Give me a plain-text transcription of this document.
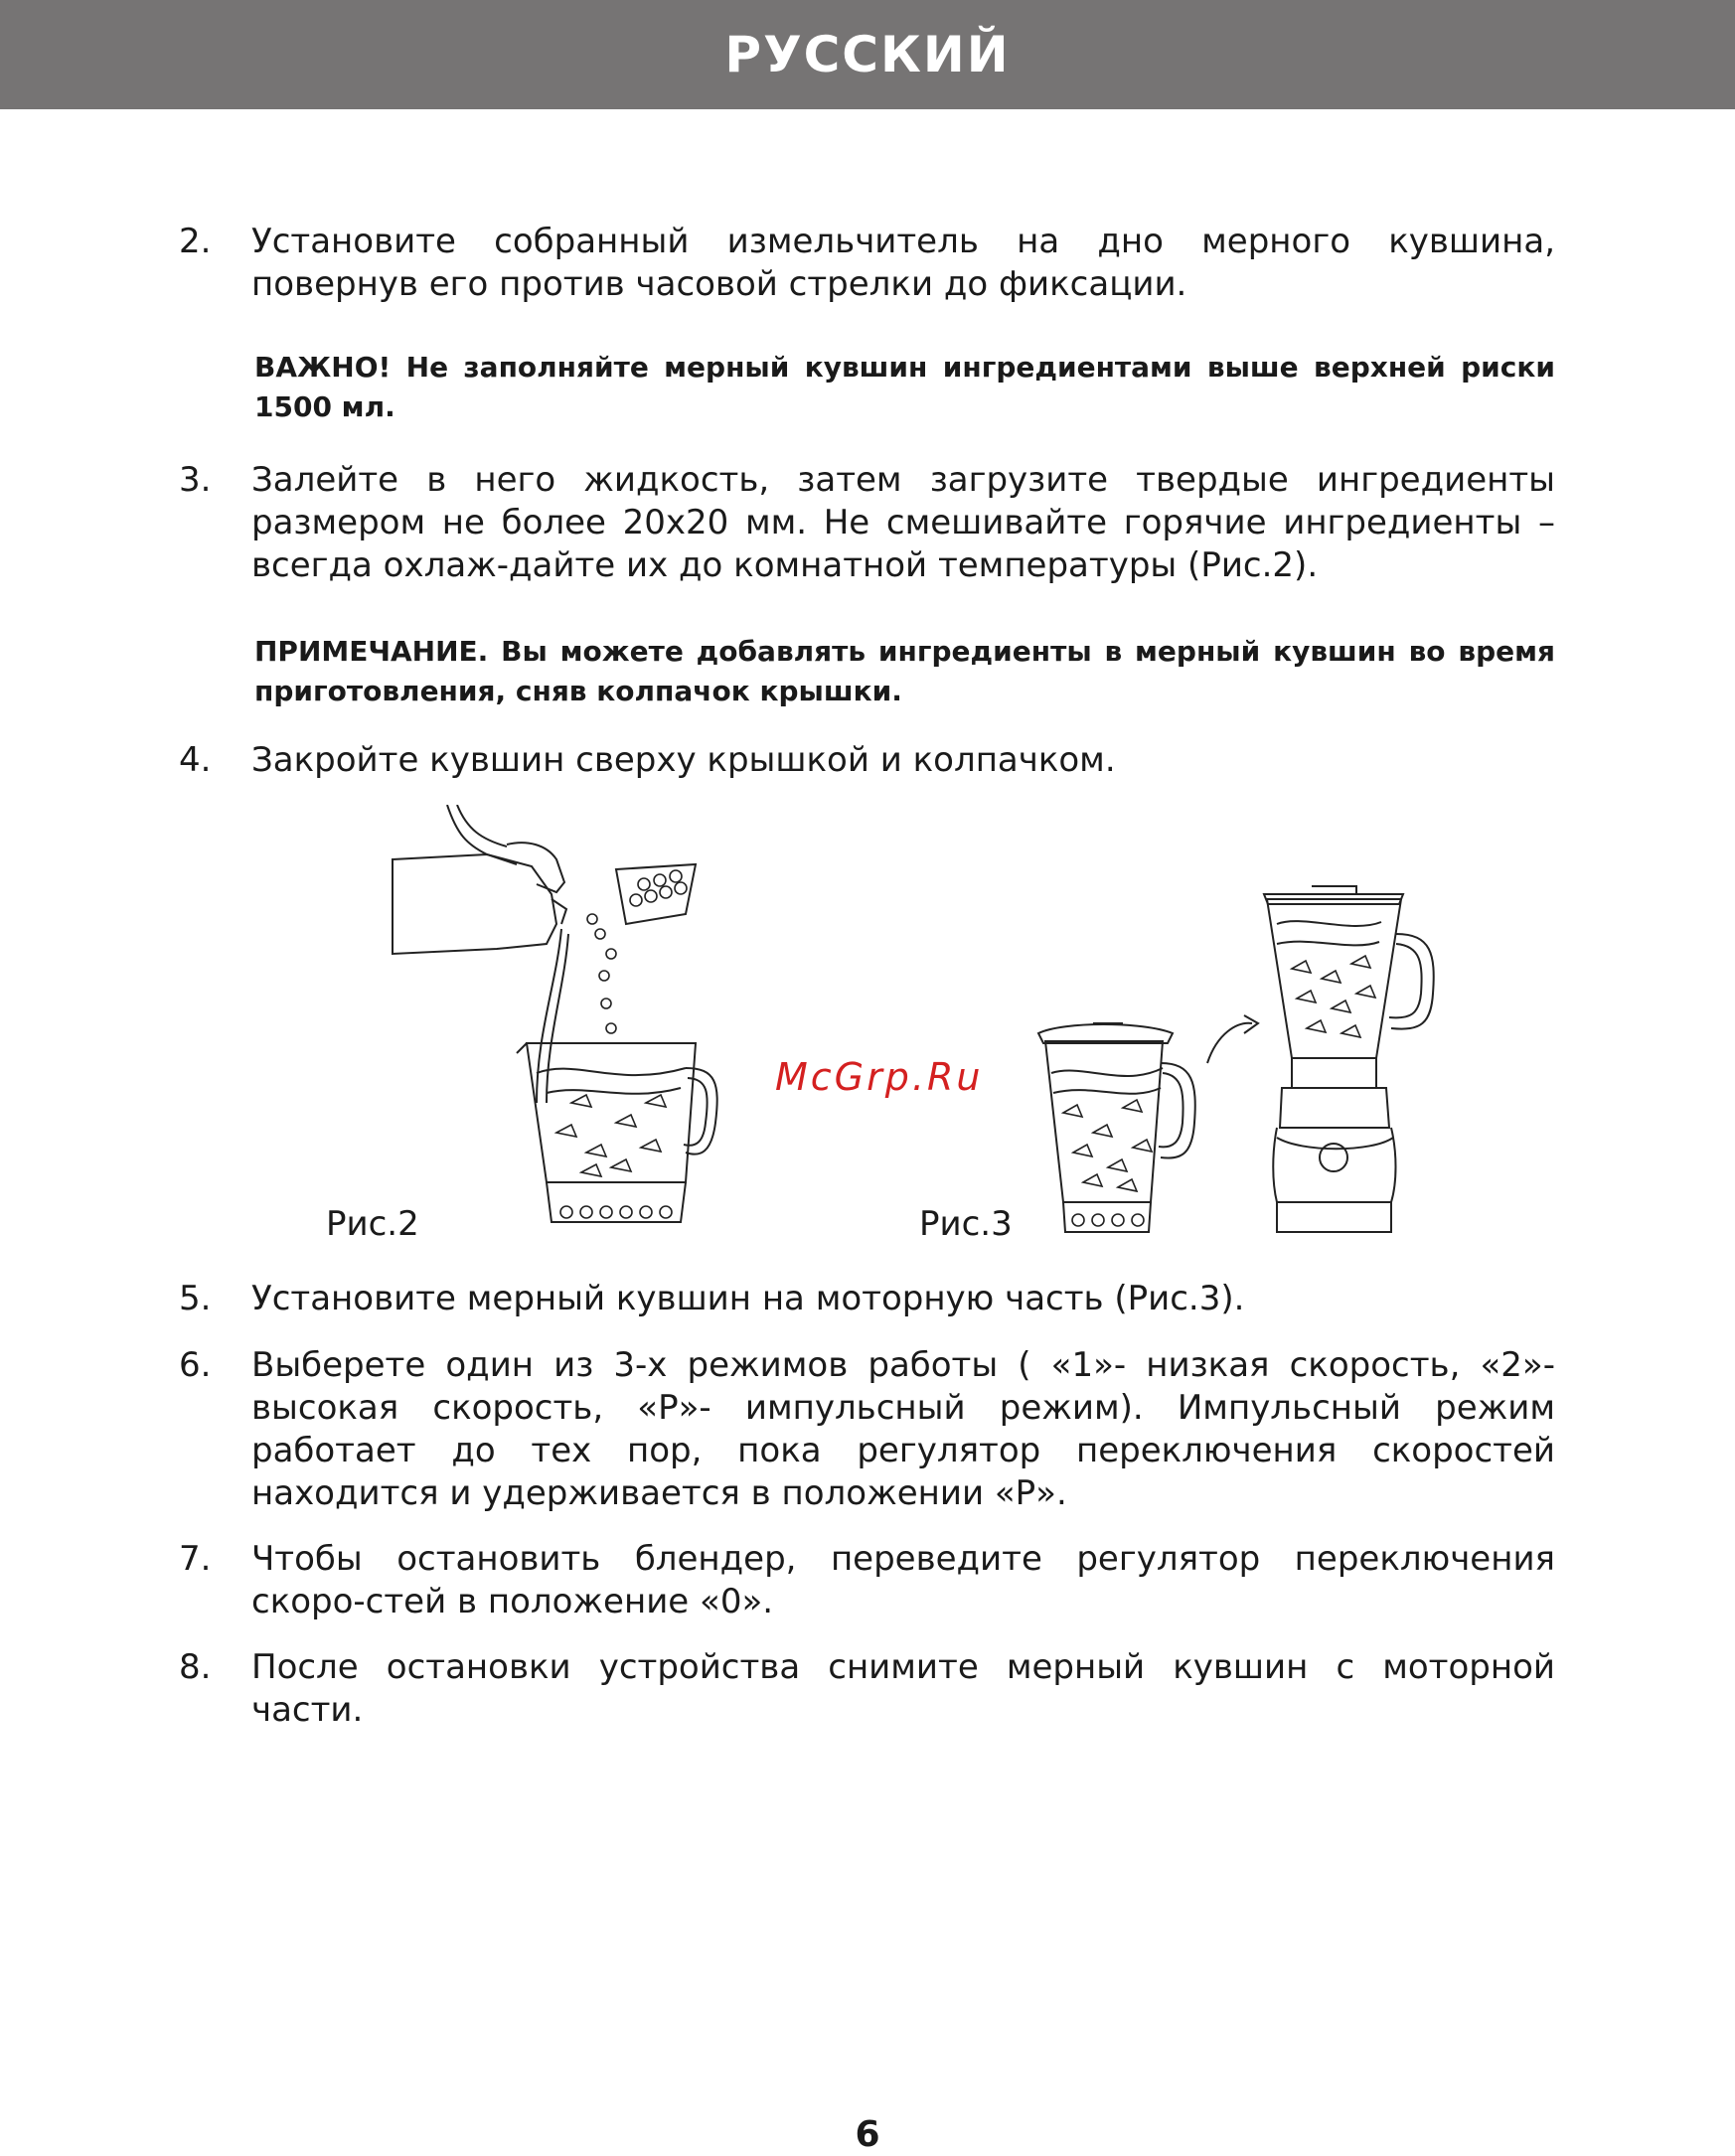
РУССКИЙ
2. Установите собранный измельчитель на дно мерного кувшина, повернув его против часовой стрелки до фиксации.
ВАЖНО! Не заполняйте мерный кувшин ингредиентами выше верхней риски 1500 мл.
3. Залейте в него жидкость, затем загрузите твердые ингредиенты размером не более 20х20 мм. Не смешивайте горячие ингредиенты – всегда охлаж-дайте их до комнатной температуры (Рис.2).
ПРИМЕЧАНИЕ. Вы можете добавлять ингредиенты в мерный кувшин во время приготовления, сняв колпачок крышки.
4. Закройте кувшин сверху крышкой и колпачком.
Рис.2
McGrp.Ru
Рис.3
5. Установите мерный кувшин на моторную часть (Рис.3).
6. Выберете один из 3-х режимов работы ( «1»- низкая скорость, «2»- высокая скорость, «P»- импульсный режим). Импульсный режим работает до тех пор, пока регулятор переключения скоростей находится и удерживается в положении «P».
7. Чтобы остановить блендер, переведите регулятор переключения скоро-стей в положение «0».
8. После остановки устройства снимите мерный кувшин с моторной части.
6
